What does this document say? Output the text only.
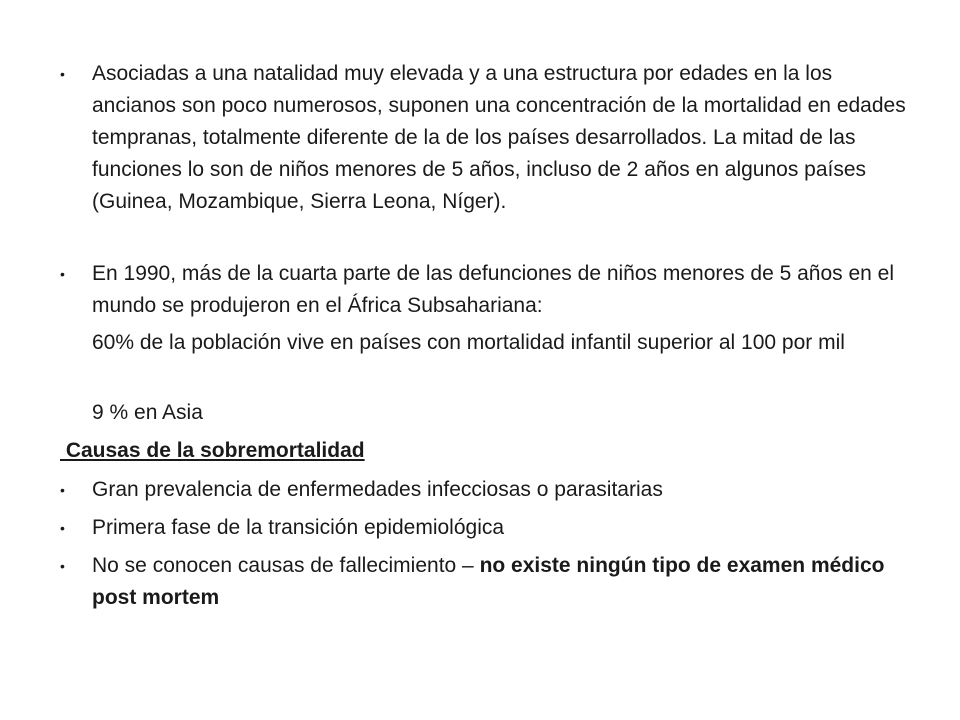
• Asociadas a una natalidad muy elevada y a una estructura por edades en la los ancianos son poco numerosos, suponen una concentración de la mortalidad en edades tempranas, totalmente diferente de la de los países desarrollados. La mitad de las funciones lo son de niños menores de 5 años, incluso de 2 años en algunos países (Guinea, Mozambique, Sierra Leona, Níger).
• En 1990, más de la cuarta parte de las defunciones de niños menores de 5 años en el mundo se produjeron en el África Subsahariana:
60% de la población vive en países con mortalidad infantil superior al 100 por mil
9 % en Asia
Causas de la sobremortalidad
• Gran prevalencia de enfermedades infecciosas o parasitarias
• Primera fase de la transición epidemiológica
• No se conocen causas de fallecimiento – no existe ningún tipo de examen médico post mortem
